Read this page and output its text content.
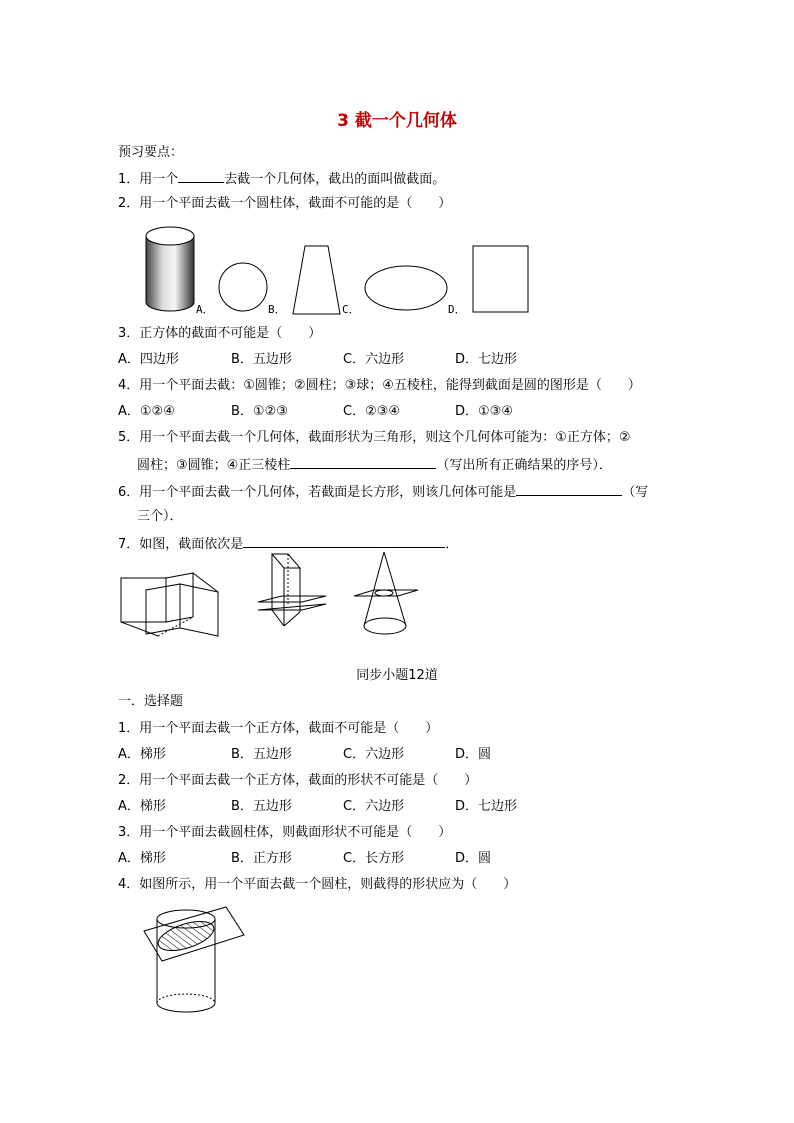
3 截一个几何体
预习要点：
1．用一个	去截一个几何体，截出的面叫做截面。
2．用一个平面去截一个圆柱体，截面不可能的是（　　）
A．	B．	C．	D．
3．正方体的截面不可能是（　　）
A．四边形	B．五边形	C．六边形	D．七边形
4．用一个平面去截：①圆锥；②圆柱；③球；④五棱柱，能得到截面是圆的图形是（　　）
A．①②④	B．①②③	C．②③④	D．①③④
5．用一个平面去截一个几何体，截面形状为三角形，则这个几何体可能为：①正方体；②
圆柱；③圆锥；④正三棱柱	（写出所有正确结果的序号）．
6．用一个平面去截一个几何体，若截面是长方形，则该几何体可能是	（写
三个）．
7．如图，截面依次是	．
同步小题12道
一．选择题
1．用一个平面去截一个正方体，截面不可能是（　　）
A．梯形	B．五边形	C．六边形	D．圆
2．用一个平面去截一个正方体，截面的形状不可能是（　　）
A．梯形	B．五边形	C．六边形	D．七边形
3．用一个平面去截圆柱体，则截面形状不可能是（　　）
A．梯形	B．正方形	C．长方形	D．圆
4．如图所示，用一个平面去截一个圆柱，则截得的形状应为（　　）
